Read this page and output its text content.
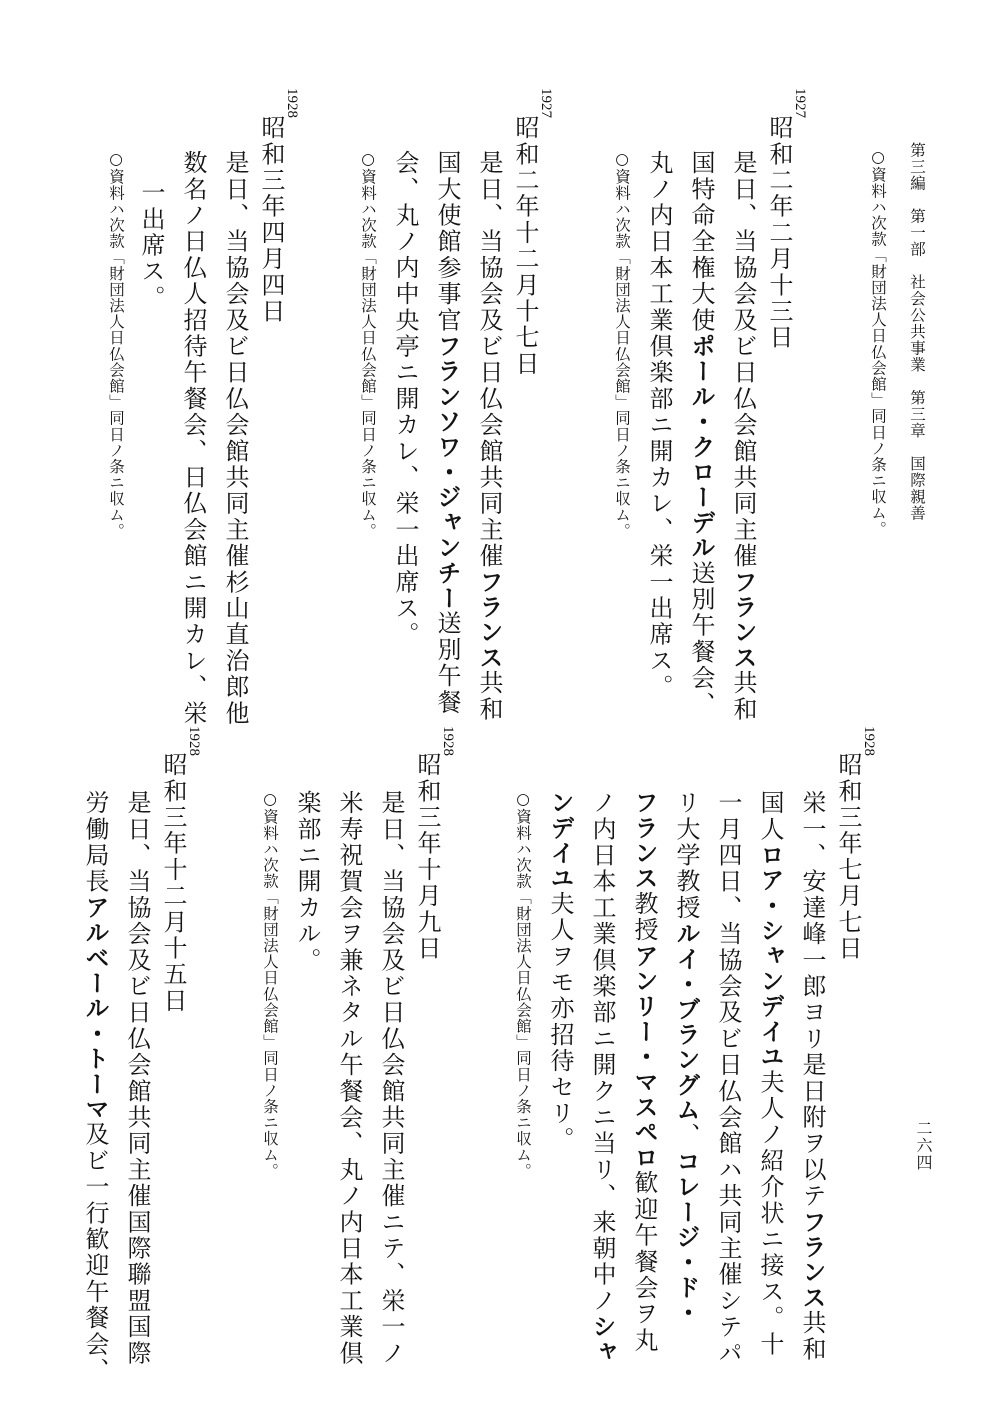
第三編　第一部　社会公共事業　第三章　国際親善
二六四
○資料ハ次款「財団法人日仏会館」同日ノ条ニ収ム。
1927
昭和二年二月十三日
是日、当協会及ビ日仏会館共同主催フランス共和
国特命全権大使ポール・クローデル送別午餐会、
丸ノ内日本工業倶楽部ニ開カレ、栄一出席ス。
○資料ハ次款「財団法人日仏会館」同日ノ条ニ収ム。
1927
昭和二年十二月十七日
是日、当協会及ビ日仏会館共同主催フランス共和
国大使館参事官フランソワ・ジャンチー送別午餐
会、丸ノ内中央亭ニ開カレ、栄一出席ス。
○資料ハ次款「財団法人日仏会館」同日ノ条ニ収ム。
1928
昭和三年四月四日
是日、当協会及ビ日仏会館共同主催杉山直治郎他
数名ノ日仏人招待午餐会、日仏会館ニ開カレ、栄
一出席ス。
○資料ハ次款「財団法人日仏会館」同日ノ条ニ収ム。
1928
昭和三年七月七日
栄一、安達峰一郎ヨリ是日附ヲ以テフランス共和
国人ロア・シャンデイユ夫人ノ紹介状ニ接ス。十
一月四日、当協会及ビ日仏会館ハ共同主催シテパ
リ大学教授ルイ・ブラングム、コレージ・ド・
フランス教授アンリー・マスペロ歓迎午餐会ヲ丸
ノ内日本工業倶楽部ニ開クニ当リ、来朝中ノシャ
ンデイユ夫人ヲモ亦招待セリ。
○資料ハ次款「財団法人日仏会館」同日ノ条ニ収ム。
1928
昭和三年十月九日
是日、当協会及ビ日仏会館共同主催ニテ、栄一ノ
米寿祝賀会ヲ兼ネタル午餐会、丸ノ内日本工業倶
楽部ニ開カル。
○資料ハ次款「財団法人日仏会館」同日ノ条ニ収ム。
1928
昭和三年十二月十五日
是日、当協会及ビ日仏会館共同主催国際聯盟国際
労働局長アルベール・トーマ及ビ一行歓迎午餐会、
